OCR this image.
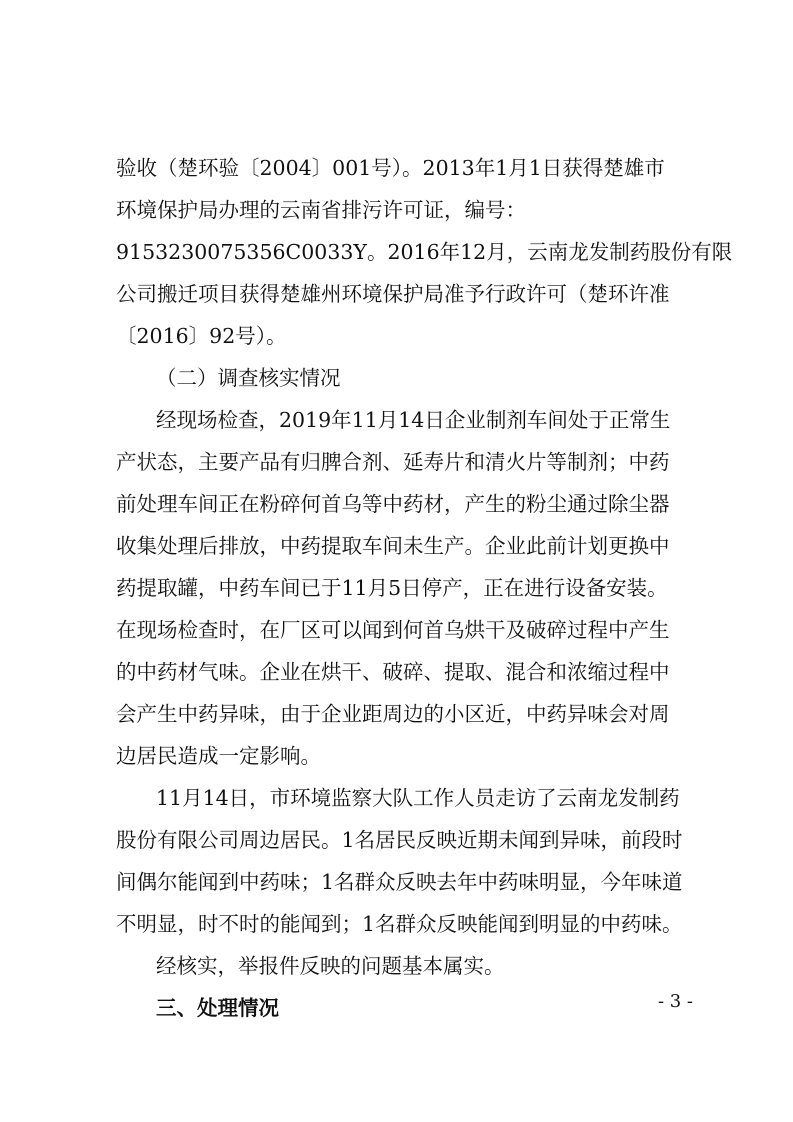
验收（楚环验〔2004〕001号）。2013年1月1日获得楚雄市
环境保护局办理的云南省排污许可证，编号：
9153230075356C0033Y。2016年12月，云南龙发制药股份有限
公司搬迁项目获得楚雄州环境保护局准予行政许可（楚环许准
〔2016〕92号）。
（二）调查核实情况
经现场检查，2019年11月14日企业制剂车间处于正常生
产状态，主要产品有归脾合剂、延寿片和清火片等制剂；中药
前处理车间正在粉碎何首乌等中药材，产生的粉尘通过除尘器
收集处理后排放，中药提取车间未生产。企业此前计划更换中
药提取罐，中药车间已于11月5日停产，正在进行设备安装。
在现场检查时，在厂区可以闻到何首乌烘干及破碎过程中产生
的中药材气味。企业在烘干、破碎、提取、混合和浓缩过程中
会产生中药异味，由于企业距周边的小区近，中药异味会对周
边居民造成一定影响。
11月14日，市环境监察大队工作人员走访了云南龙发制药
股份有限公司周边居民。1名居民反映近期未闻到异味，前段时
间偶尔能闻到中药味；1名群众反映去年中药味明显，今年味道
不明显，时不时的能闻到；1名群众反映能闻到明显的中药味。
经核实，举报件反映的问题基本属实。
三、处理情况	- 3 -
